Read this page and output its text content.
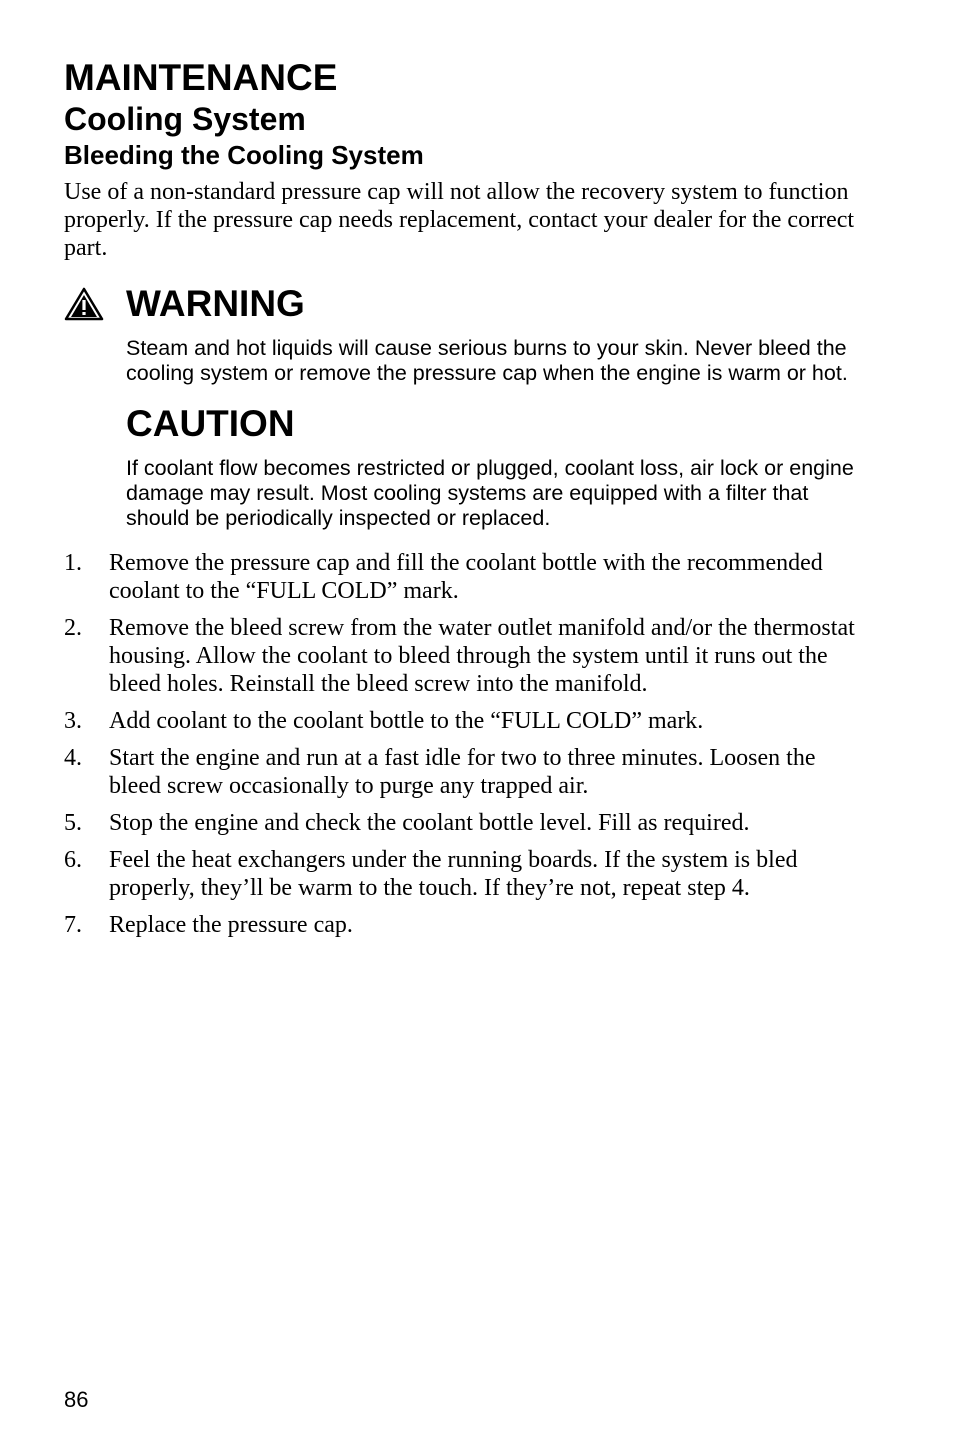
MAINTENANCE
Cooling System
Bleeding the Cooling System

Use of a non-standard pressure cap will not allow the recovery system to function properly. If the pressure cap needs replacement, contact your dealer for the correct part.

WARNING

Steam and hot liquids will cause serious burns to your skin. Never bleed the cooling system or remove the pressure cap when the engine is warm or hot.

CAUTION

If coolant flow becomes restricted or plugged, coolant loss, air lock or engine damage may result. Most cooling systems are equipped with a filter that should be periodically inspected or replaced.

1.	Remove the pressure cap and fill the coolant bottle with the recommended coolant to the “FULL COLD” mark.
2.	Remove the bleed screw from the water outlet manifold and/or the thermostat housing. Allow the coolant to bleed through the system until it runs out the bleed holes. Reinstall the bleed screw into the manifold.
3.	Add coolant to the coolant bottle to the “FULL COLD” mark.
4.	Start the engine and run at a fast idle for two to three minutes. Loosen the bleed screw occasionally to purge any trapped air.
5.	Stop the engine and check the coolant bottle level. Fill as required.
6.	Feel the heat exchangers under the running boards. If the system is bled properly, they’ll be warm to the touch. If they’re not, repeat step 4.
7.	Replace the pressure cap.
86
